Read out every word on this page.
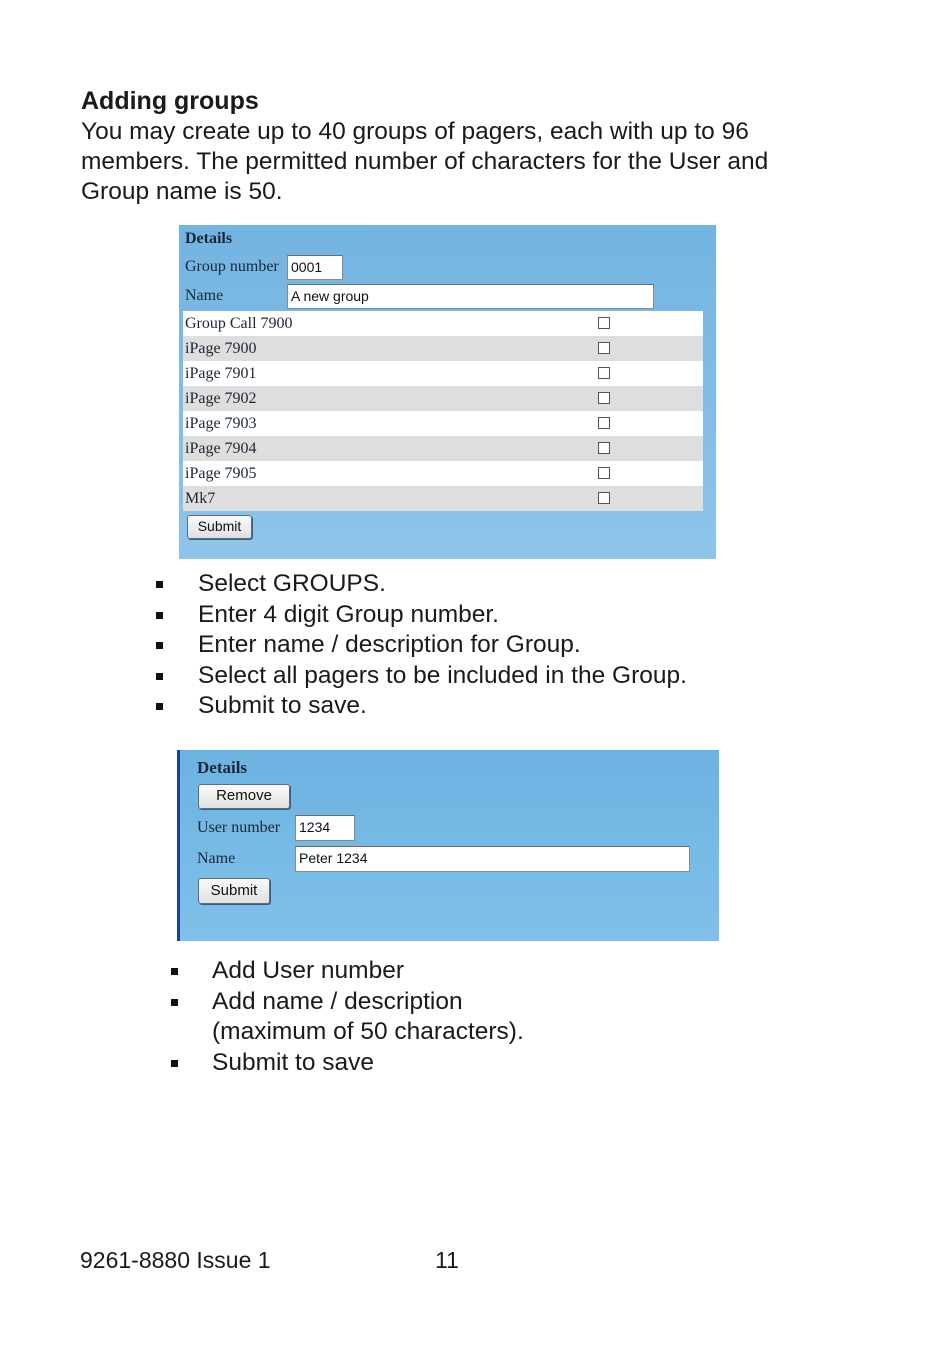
Adding groups

You may create up to 40 groups of pagers, each with up to 96 members. The permitted number of characters for the User and Group name is 50.

Details
Group number 0001
Name	A new group
Group Call 7900
iPage 7900
iPage 7901
iPage 7902
iPage 7903
iPage 7904
iPage 7905
Mk7
Submit
Select GROUPS.
Enter 4 digit Group number.
Enter name / description for Group.
Select all pagers to be included in the Group.
Submit to save.
Details
Remove
User number 1234
Name	Peter 1234
Submit
Add User number
Add name / description
(maximum of 50 characters).
Submit to save
9261-8880 Issue 1	11
